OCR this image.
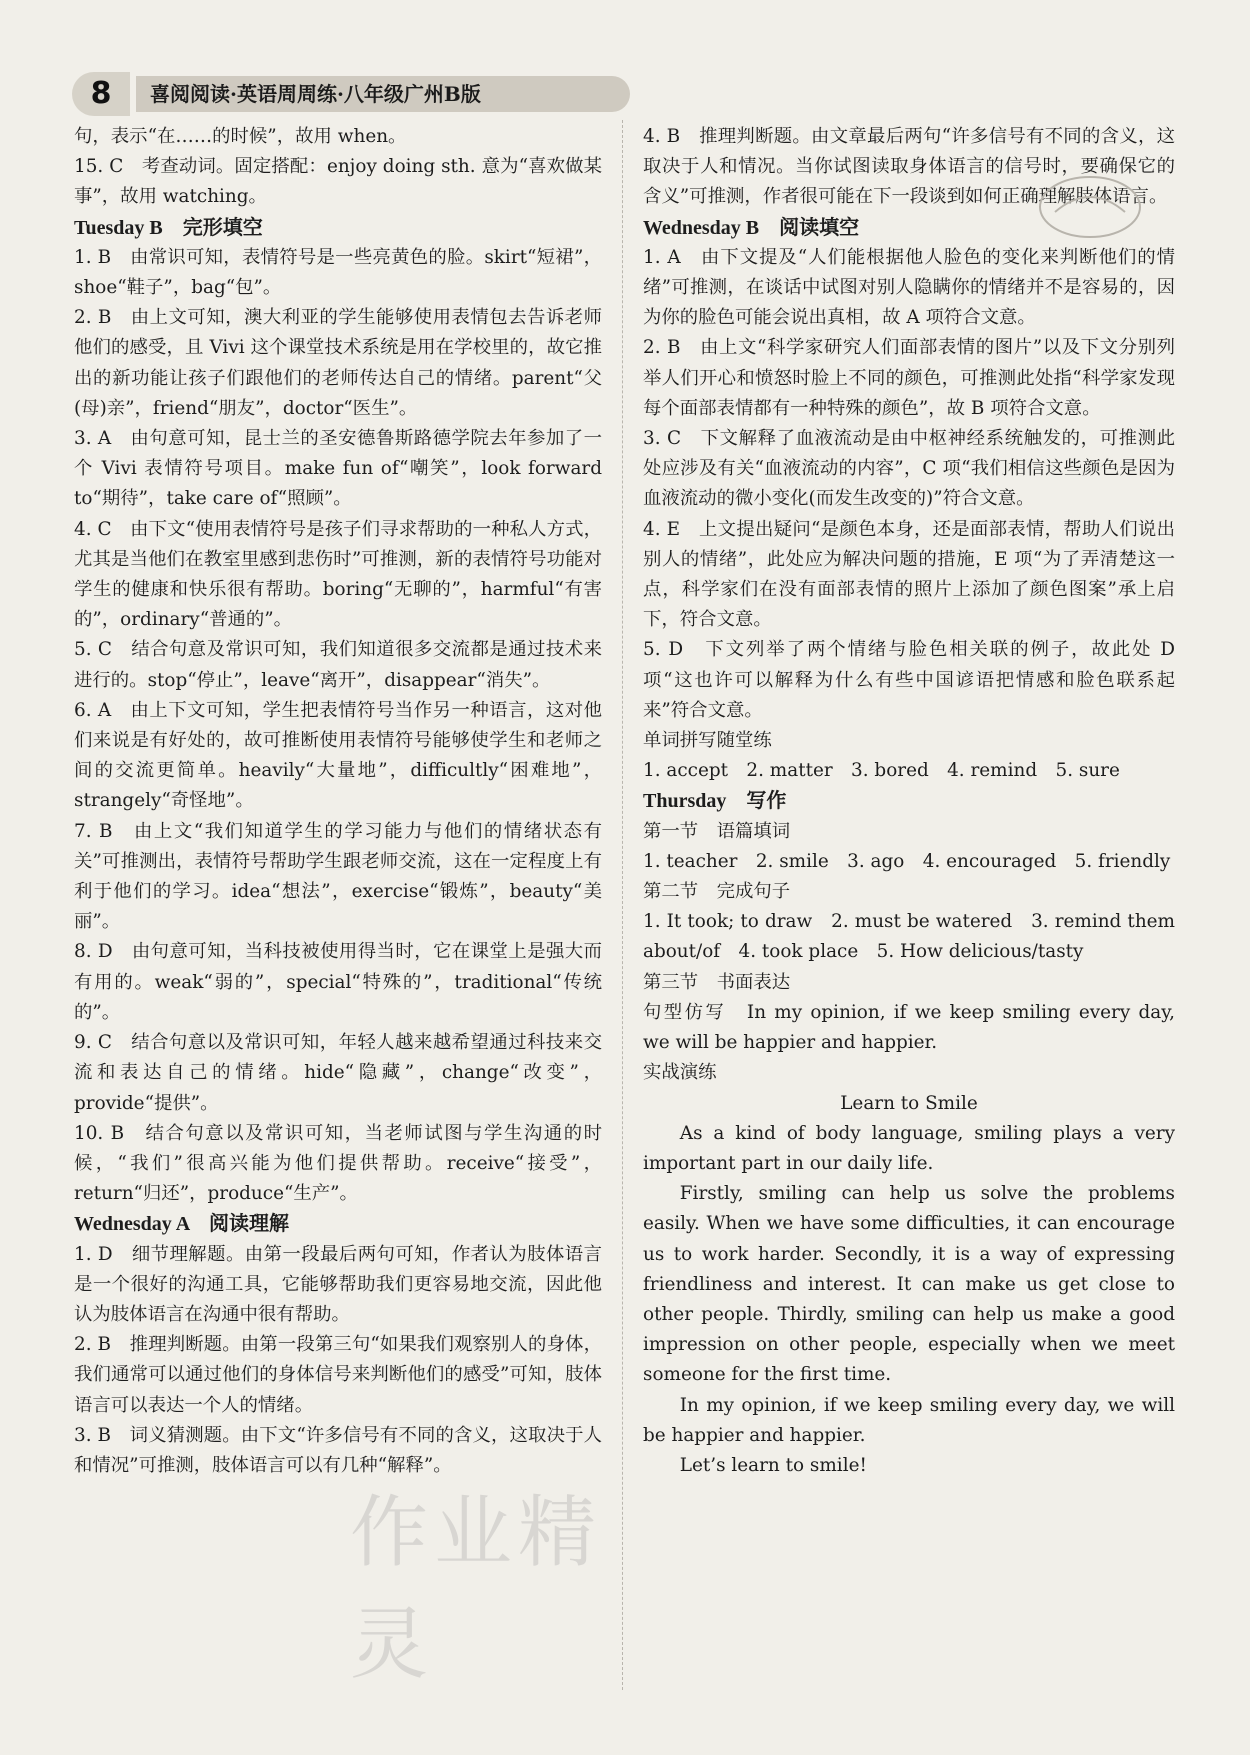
8	喜阅阅读·英语周周练·八年级广州B版

句，表示“在……的时候”，故用 when。

15. C　考查动词。固定搭配：enjoy doing sth. 意为“喜欢做某事”，故用 watching。

Tuesday B　完形填空

1. B　由常识可知，表情符号是一些亮黄色的脸。skirt“短裙”，shoe“鞋子”，bag“包”。

2. B　由上文可知，澳大利亚的学生能够使用表情包去告诉老师他们的感受，且 Vivi 这个课堂技术系统是用在学校里的，故它推出的新功能让孩子们跟他们的老师传达自己的情绪。parent“父(母)亲”，friend“朋友”，doctor“医生”。

3. A　由句意可知，昆士兰的圣安德鲁斯路德学院去年参加了一个 Vivi 表情符号项目。make fun of“嘲笑”，look forward to“期待”，take care of“照顾”。

4. C　由下文“使用表情符号是孩子们寻求帮助的一种私人方式，尤其是当他们在教室里感到悲伤时”可推测，新的表情符号功能对学生的健康和快乐很有帮助。boring“无聊的”，harmful“有害的”，ordinary“普通的”。

5. C　结合句意及常识可知，我们知道很多交流都是通过技术来进行的。stop“停止”，leave“离开”，disappear“消失”。

6. A　由上下文可知，学生把表情符号当作另一种语言，这对他们来说是有好处的，故可推断使用表情符号能够使学生和老师之间的交流更简单。heavily“大量地”，difficultly“困难地”，strangely“奇怪地”。

7. B　由上文“我们知道学生的学习能力与他们的情绪状态有关”可推测出，表情符号帮助学生跟老师交流，这在一定程度上有利于他们的学习。idea“想法”，exercise“锻炼”，beauty“美丽”。

8. D　由句意可知，当科技被使用得当时，它在课堂上是强大而有用的。weak“弱的”，special“特殊的”，traditional“传统的”。

9. C　结合句意以及常识可知，年轻人越来越希望通过科技来交流和表达自己的情绪。hide“隐藏”，change“改变”，provide“提供”。

10. B　结合句意以及常识可知，当老师试图与学生沟通的时候，“我们”很高兴能为他们提供帮助。receive“接受”，return“归还”，produce“生产”。

Wednesday A　阅读理解

1. D　细节理解题。由第一段最后两句可知，作者认为肢体语言是一个很好的沟通工具，它能够帮助我们更容易地交流，因此他认为肢体语言在沟通中很有帮助。

2. B　推理判断题。由第一段第三句“如果我们观察别人的身体，我们通常可以通过他们的身体信号来判断他们的感受”可知，肢体语言可以表达一个人的情绪。

3. B　词义猜测题。由下文“许多信号有不同的含义，这取决于人和情况”可推测，肢体语言可以有几种“解释”。

4. B　推理判断题。由文章最后两句“许多信号有不同的含义，这取决于人和情况。当你试图读取身体语言的信号时，要确保它的含义”可推测，作者很可能在下一段谈到如何正确理解肢体语言。

Wednesday B　阅读填空

1. A　由下文提及“人们能根据他人脸色的变化来判断他们的情绪”可推测，在谈话中试图对别人隐瞒你的情绪并不是容易的，因为你的脸色可能会说出真相，故 A 项符合文意。

2. B　由上文“科学家研究人们面部表情的图片”以及下文分别列举人们开心和愤怒时脸上不同的颜色，可推测此处指“科学家发现每个面部表情都有一种特殊的颜色”，故 B 项符合文意。

3. C　下文解释了血液流动是由中枢神经系统触发的，可推测此处应涉及有关“血液流动的内容”，C 项“我们相信这些颜色是因为血液流动的微小变化(而发生改变的)”符合文意。

4. E　上文提出疑问“是颜色本身，还是面部表情，帮助人们说出别人的情绪”，此处应为解决问题的措施，E 项“为了弄清楚这一点，科学家们在没有面部表情的照片上添加了颜色图案”承上启下，符合文意。

5. D　下文列举了两个情绪与脸色相关联的例子，故此处 D 项“这也许可以解释为什么有些中国谚语把情感和脸色联系起来”符合文意。

单词拼写随堂练

1. accept　2. matter　3. bored　4. remind　5. sure

Thursday　写作

第一节　语篇填词

1. teacher　2. smile　3. ago　4. encouraged　5. friendly

第二节　完成句子

1. It took; to draw　2. must be watered　3. remind them about/of　4. took place　5. How delicious/tasty

第三节　书面表达

句型仿写　In my opinion, if we keep smiling every day, we will be happier and happier.

实战演练

Learn to Smile

As a kind of body language, smiling plays a very important part in our daily life.

Firstly, smiling can help us solve the problems easily. When we have some difficulties, it can encourage us to work harder. Secondly, it is a way of expressing friendliness and interest. It can make us get close to other people. Thirdly, smiling can help us make a good impression on other people, especially when we meet someone for the first time.

In my opinion, if we keep smiling every day, we will be happier and happier.

Let’s learn to smile!

作业精灵
